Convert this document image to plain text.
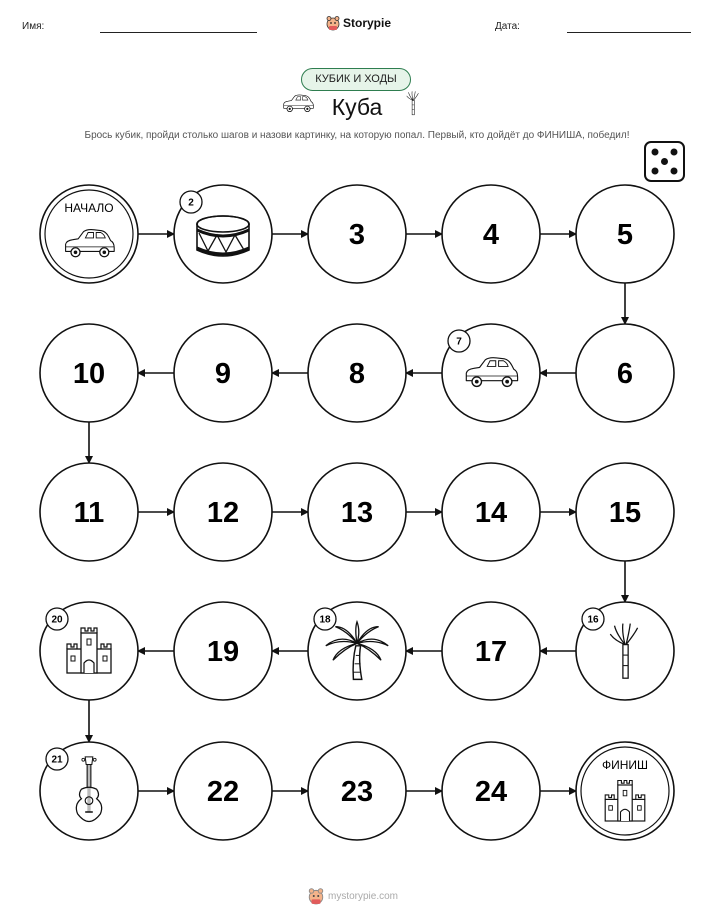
Имя:	Storypie	Дата:
КУБИК И ХОДЫ
Куба
Брось кубик, пройди столько шагов и назови картинку, на которую попал. Первый, кто дойдёт до ФИНИША, победил!
НАЧАЛО	2
3	4	5
6
7
8
9
10
11	12	13	14	15
16
17
18
19
20
21
22	23	24
ФИНИШ
mystorypie.com
